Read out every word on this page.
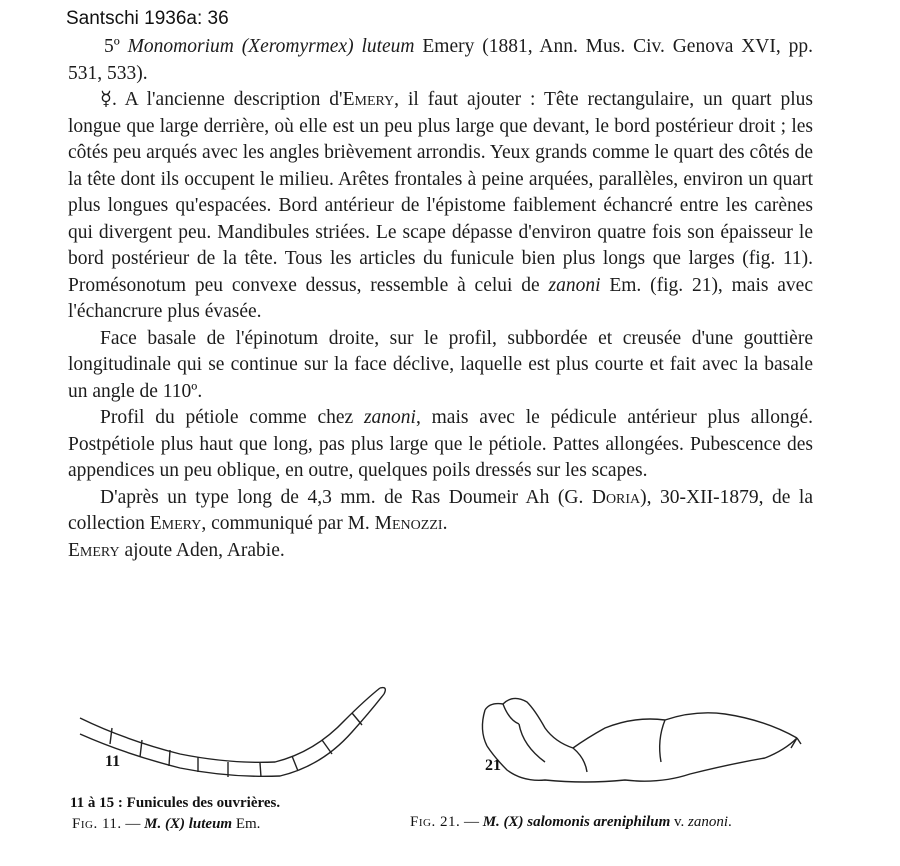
Santschi 1936a: 36

5º Monomorium (Xeromyrmex) luteum Emery (1881, Ann. Mus. Civ. Genova XVI, pp. 531, 533).

☿. A l'ancienne description d'Emery, il faut ajouter : Tête rectangulaire, un quart plus longue que large derrière, où elle est un peu plus large que devant, le bord postérieur droit ; les côtés peu arqués avec les angles brièvement arrondis. Yeux grands comme le quart des côtés de la tête dont ils occupent le milieu. Arêtes frontales à peine arquées, parallèles, environ un quart plus longues qu'espacées. Bord antérieur de l'épistome faiblement échancré entre les carènes qui divergent peu. Mandibules striées. Le scape dépasse d'environ quatre fois son épaisseur le bord postérieur de la tête. Tous les articles du funicule bien plus longs que larges (fig. 11). Promésonotum peu convexe dessus, ressemble à celui de zanoni Em. (fig. 21), mais avec l'échancrure plus évasée.

Face basale de l'épinotum droite, sur le profil, subbordée et creusée d'une gouttière longitudinale qui se continue sur la face déclive, laquelle est plus courte et fait avec la basale un angle de 110º.

Profil du pétiole comme chez zanoni, mais avec le pédicule antérieur plus allongé. Postpétiole plus haut que long, pas plus large que le pétiole. Pattes allongées. Pubescence des appendices un peu oblique, en outre, quelques poils dressés sur les scapes.

D'après un type long de 4,3 mm. de Ras Doumeir Ah (G. Doria), 30-XII-1879, de la collection Emery, communiqué par M. Menozzi.

Emery ajoute Aden, Arabie.

11	21
11 à 15 : Funicules des ouvrières.
Fig. 11. — M. (X) luteum Em.	Fig. 21. — M. (X) salomonis areniphilum v. zanoni.
